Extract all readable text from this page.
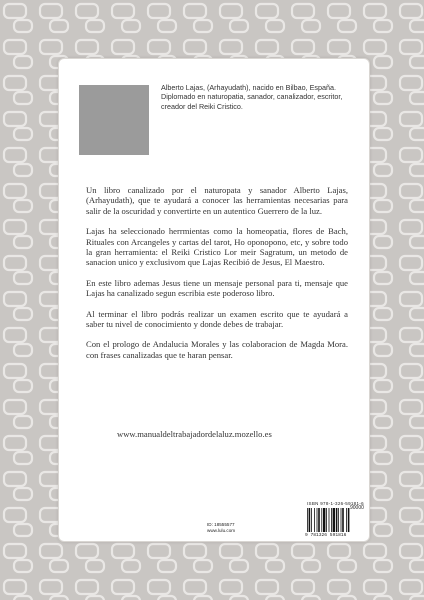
Alberto Lajas, (Arhayudath), nacido en Bilbao, España. Diplomado en naturopatia, sanador, canalizador, escritor, creador del Reiki Cristico.

Un libro canalizado por el naturopata y sanador Alberto Lajas, (Arhayudath), que te ayudará a conocer las herramientas necesarias para salir de la oscuridad y convertirte en un autentico Guerrero de la luz.

Lajas ha seleccionado herrmientas como la homeopatia, flores de Bach, Rituales con Arcangeles y cartas del tarot, Ho oponopono, etc, y sobre todo la gran herramienta: el Reiki Cristico Lor meir Sagratum, un metodo de sanacion unico y exclusivom que Lajas Recibió de Jesus, El Maestro.

En este libro ademas Jesus tiene un mensaje personal para ti, mensaje que Lajas ha canalizado segun escribia este poderoso libro.

Al terminar el libro podrás realizar un examen escrito que te ayudará a saber tu nivel de conocimiento y donde debes de trabajar.

Con el prologo de Andalucia Morales y las colaboracion de Magda Mora. con frases canalizadas que te haran pensar.

www.manualdeltrabajadordelaluz.mozello.es
ID: 18555577
www.lulu.com
ISBN 978-1-326-59181-6
90000
9 781326 591816
